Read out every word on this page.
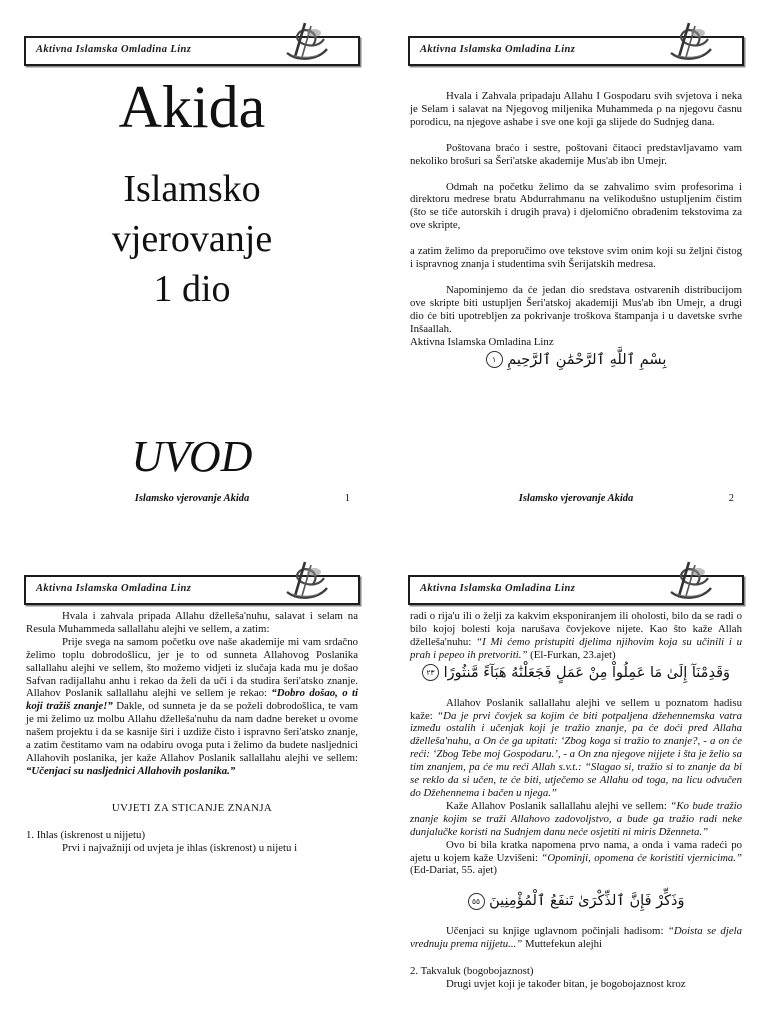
Aktivna Islamska Omladina Linz
Akida
Islamsko
vjerovanje
1 dio
UVOD
Islamsko vjerovanje Akida	1
Aktivna Islamska Omladina Linz

Hvala i Zahvala pripadaju Allahu I Gospodaru svih svjetova i neka je Selam i salavat na Njegovog miljenika Muhammeda ρ na njegovu časnu porodicu, na njegove ashabe i sve one koji ga slijede do Sudnjeg dana.

Poštovana braćo i sestre, poštovani čitaoci predstavljavamo vam nekoliko brošuri sa Šeri'atske akademije Mus'ab ibn Umejr.

Odmah na početku želimo da se zahvalimo svim profesorima i direktoru medrese bratu Abdurrahmanu na velikodušno ustupljenim čistim (što se tiče autorskih i drugih prava) i djelomično obrađenim tekstovima za ove skripte,

a zatim želimo da preporučimo ove tekstove svim onim koji su željni čistog i ispravnog znanja i studentima svih Šerijatskih medresa.

Napominjemo da će jedan dio sredstava ostvarenih distribucijom ove skripte biti ustupljen Šeri'atskoj akademiji Mus'ab ibn Umejr, a drugi dio će biti upotrebljen za pokrivanje troškova štampanja i u davetske svrhe Inšaallah.

Aktivna Islamska Omladina Linz

بِسْمِ ٱللَّهِ ٱلرَّحْمَٰنِ ٱلرَّحِيمِ ١

Islamsko vjerovanje Akida	2
Aktivna Islamska Omladina Linz

Hvala i zahvala pripada Allahu dželleša'nuhu, salavat i selam na Resula Muhammeda sallallahu alejhi ve sellem, a zatim:

Prije svega na samom početku ove naše akademije mi vam srdačno želimo toplu dobrodošlicu, jer je to od sunneta Allahovog Poslanika sallallahu alejhi ve sellem, što možemo vidjeti iz slučaja kada mu je došao Safvan radijallahu anhu i rekao da želi da uči i da studira šeri'atsko znanje. Allahov Poslanik sallallahu alejhi ve sellem je rekao: “Dobro došao, o ti koji tražiš znanje!” Dakle, od sunneta je da se poželi dobrodošlica, te vam je mi želimo uz molbu Allahu dželleša'nuhu da nam dadne bereket u ovome našem projektu i da se kasnije širi i uzdiže čisto i ispravno šeri'atsko znanje, a zatim čestitamo vam na odabiru ovoga puta i želimo da budete nasljednici Allahovih poslanika, jer kaže Allahov Poslanik sallallahu alejhi ve sellem: “Učenjaci su nasljednici Allahovih poslanika.”

UVJETI ZA STICANJE ZNANJA

1. Ihlas (iskrenost u nijjetu)

Prvi i najvažniji od uvjeta je ihlas (iskrenost) u nijetu i

Aktivna Islamska Omladina Linz

radi o rija'u ili o želji za kakvim eksponiranjem ili oholosti, bilo da se radi o bilo kojoj bolesti koja narušava čovjekove nijete. Kao što kaže Allah dželleša'nuhu: “I Mi ćemo pristupiti djelima njihovim koja su učinili i u prah i pepeo ih pretvoriti.” (El-Furkan, 23.ajet)

وَقَدِمْنَآ إِلَىٰ مَا عَمِلُواْ مِنْ عَمَلٍ فَجَعَلْنَٰهُ هَبَآءً مَّنثُورًا ٢٣

Allahov Poslanik sallallahu alejhi ve sellem u poznatom hadisu kaže: “Da je prvi čovjek sa kojim će biti potpaljena džehennemska vatra između ostalih i učenjak koji je tražio znanje, pa će doći pred Allaha dželleša'nuhu, a On će ga upitati: ‘Zbog koga si tražio to znanje?, - a on će reći: ‘Zbog Tebe moj Gospodaru.’, - a On zna njegove nijjete i šta je želio sa tim znanjem, pa će mu reći Allah s.v.t.: “Slagao si, tražio si to znanje da bi se reklo da si učen, te će biti, utječemo se Allahu od toga, na licu odvučen do Džehennema i bačen u njega.”

Kaže Allahov Poslanik sallallahu alejhi ve sellem: “Ko bude tražio znanje kojim se traži Allahovo zadovoljstvo, a bude ga tražio radi neke dunjalučke koristi na Sudnjem danu neće osjetiti ni miris Dženneta.”

Ovo bi bila kratka napomena prvo nama, a onda i vama radeći po ajetu u kojem kaže Uzvišeni: “Opominji, opomena će koristiti vjernicima.” (Ed-Dariat, 55. ajet)

وَذَكِّرْ فَإِنَّ ٱلذِّكْرَىٰ تَنفَعُ ٱلْمُؤْمِنِينَ ٥٥

Učenjaci su knjige uglavnom počinjali hadisom: “Doista se djela vrednuju prema nijjetu...” Muttefekun alejhi

2. Takvaluk (bogobojaznost)

Drugi uvjet koji je također bitan, je bogobojaznost kroz
